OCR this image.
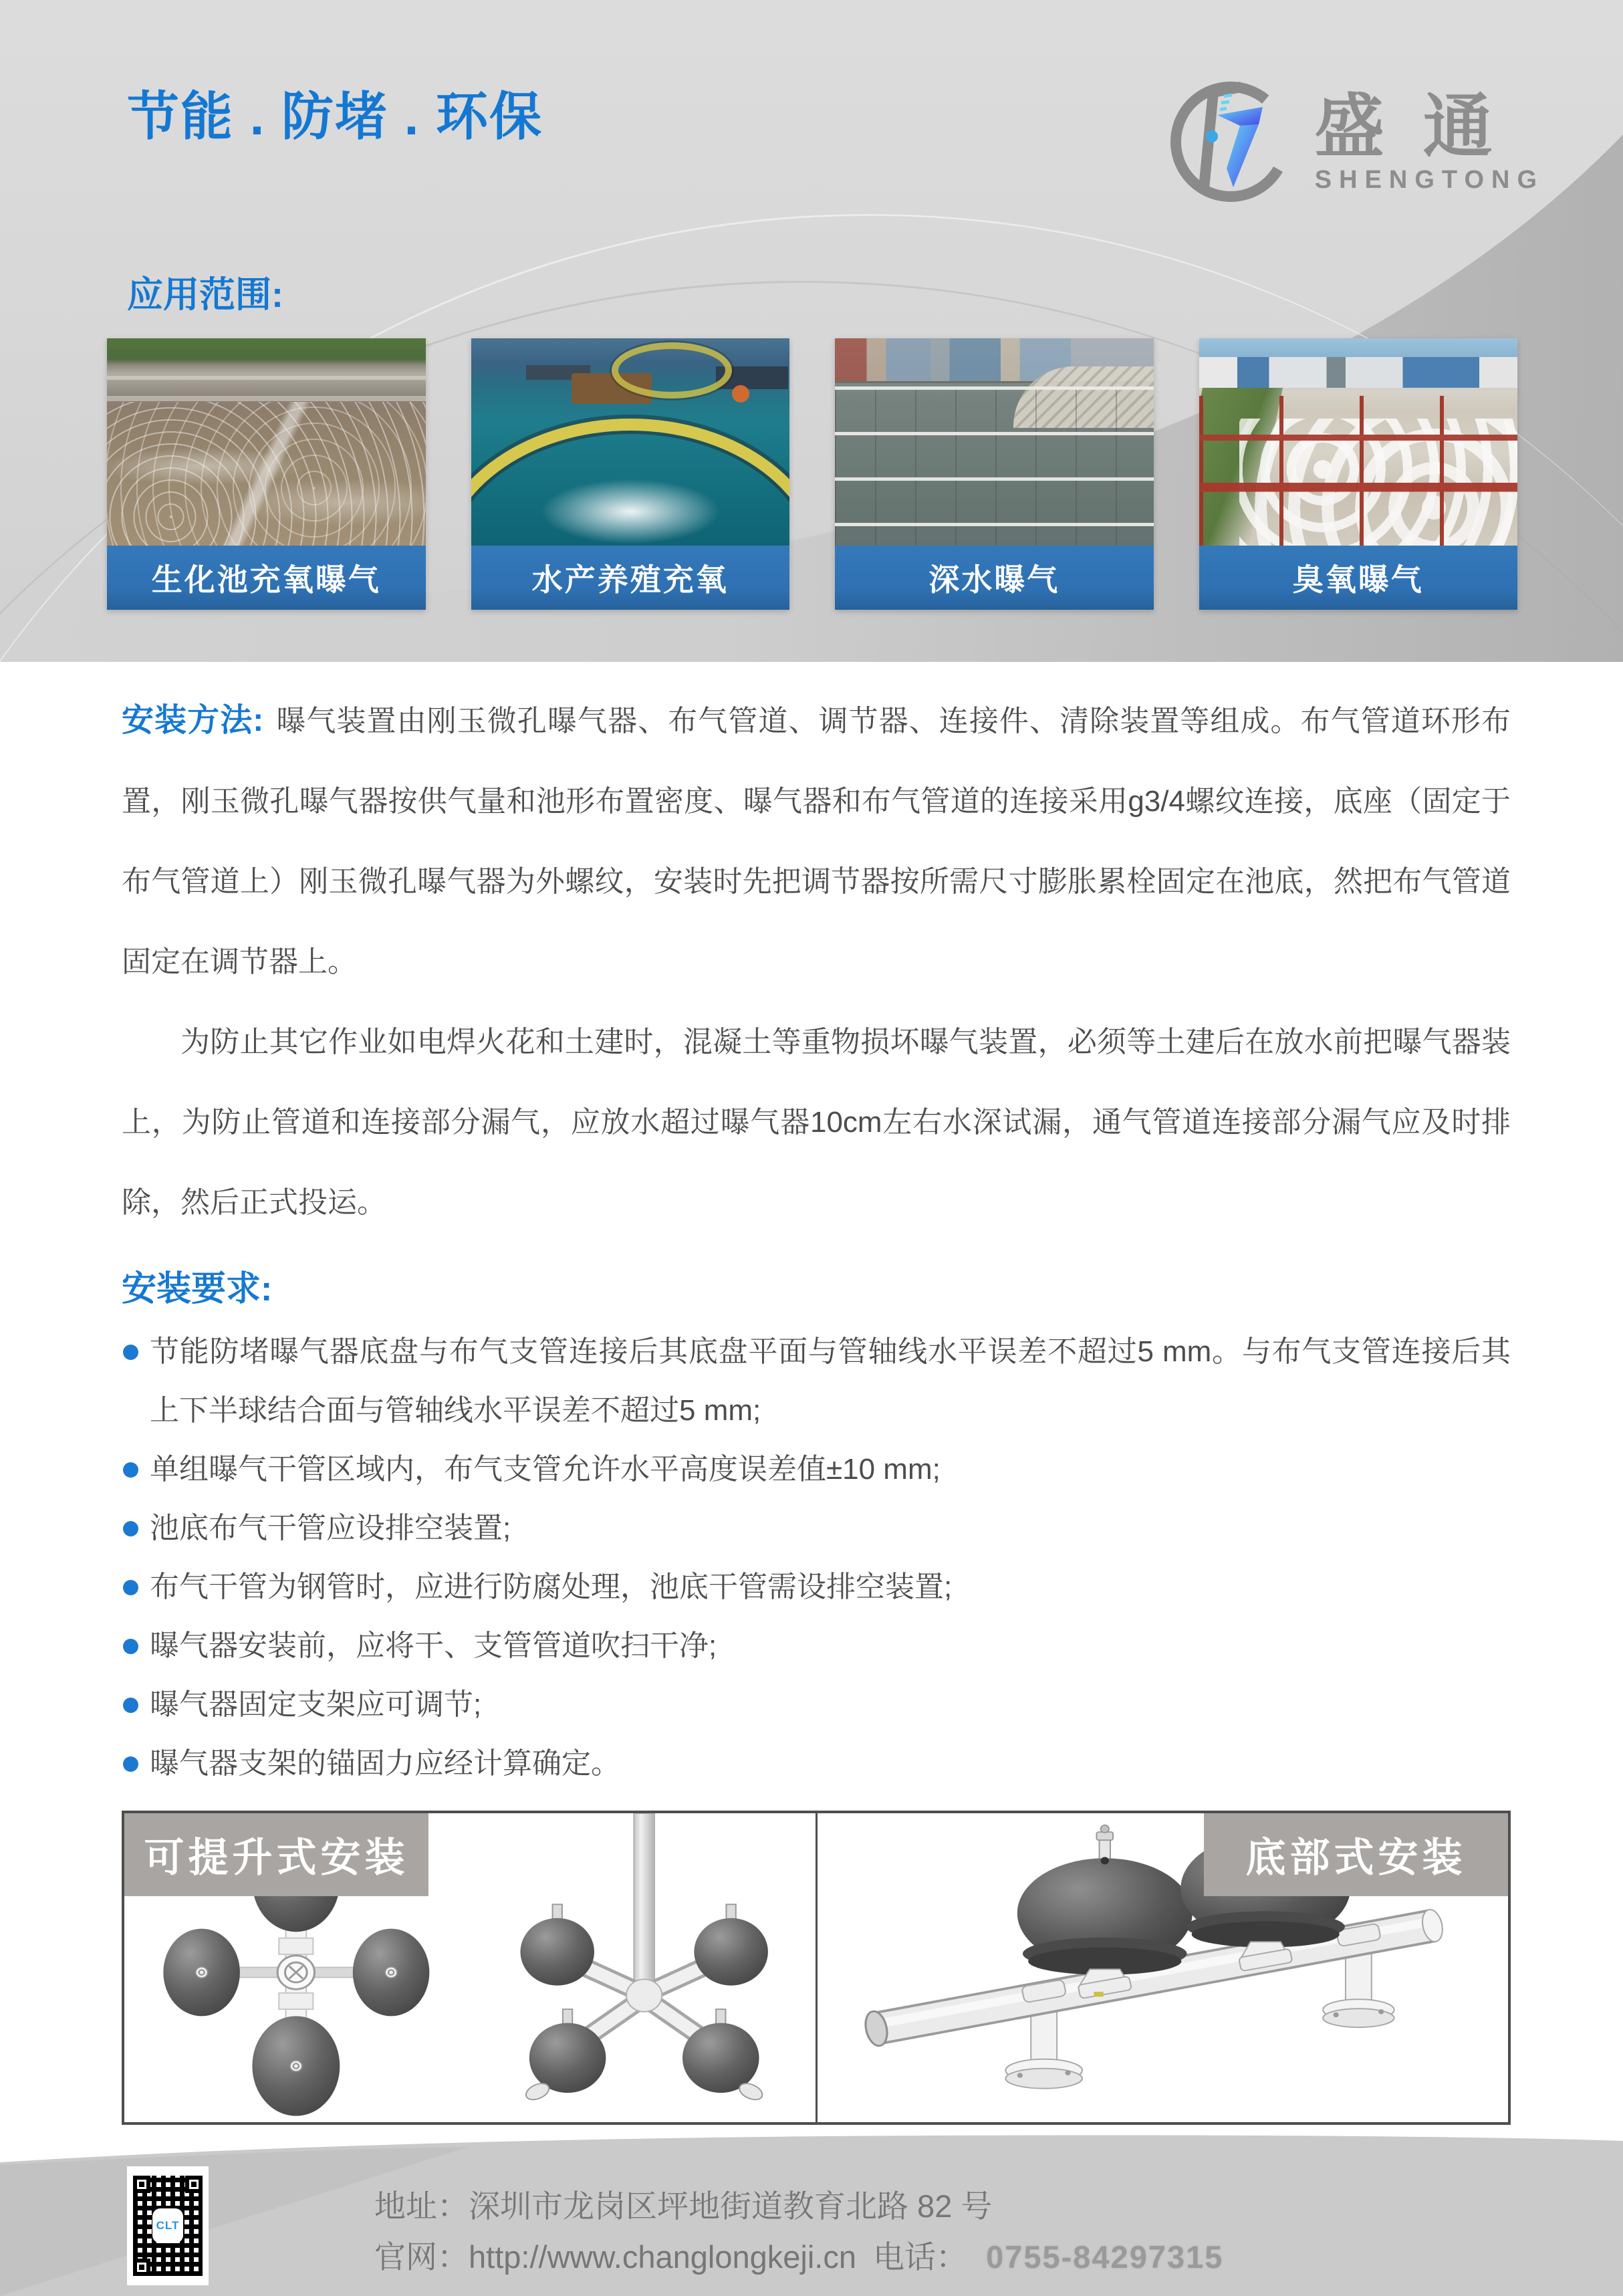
节能 . 防堵 . 环保	盛通
SHENGTONG
应用范围:
生化池充氧曝气	水产养殖充氧	深水曝气	臭氧曝气

安装方法: 曝气装置由刚玉微孔曝气器、布气管道、调节器、连接件、清除装置等组成。布气管道环形布置，刚玉微孔曝气器按供气量和池形布置密度、曝气器和布气管道的连接采用g3/4螺纹连接，底座（固定于布气管道上）刚玉微孔曝气器为外螺纹，安装时先把调节器按所需尺寸膨胀累栓固定在池底，然把布气管道固定在调节器上。

为防止其它作业如电焊火花和土建时，混凝土等重物损坏曝气装置，必须等土建后在放水前把曝气器装上，为防止管道和连接部分漏气，应放水超过曝气器10cm左右水深试漏，通气管道连接部分漏气应及时排除，然后正式投运。

安装要求:
节能防堵曝气器底盘与布气支管连接后其底盘平面与管轴线水平误差不超过5 mm。与布气支管连接后其上下半球结合面与管轴线水平误差不超过5 mm;
单组曝气干管区域内，布气支管允许水平高度误差值±10 mm;
池底布气干管应设排空装置;
布气干管为钢管时，应进行防腐处理，池底干管需设排空装置;
曝气器安装前，应将干、支管管道吹扫干净;
曝气器固定支架应可调节;
曝气器支架的锚固力应经计算确定。
可提升式安装	底部式安装
CLT
地址：深圳市龙岗区坪地街道教育北路 82 号
官网：http://www.changlongkeji.cn 电话： 0755-84297315
